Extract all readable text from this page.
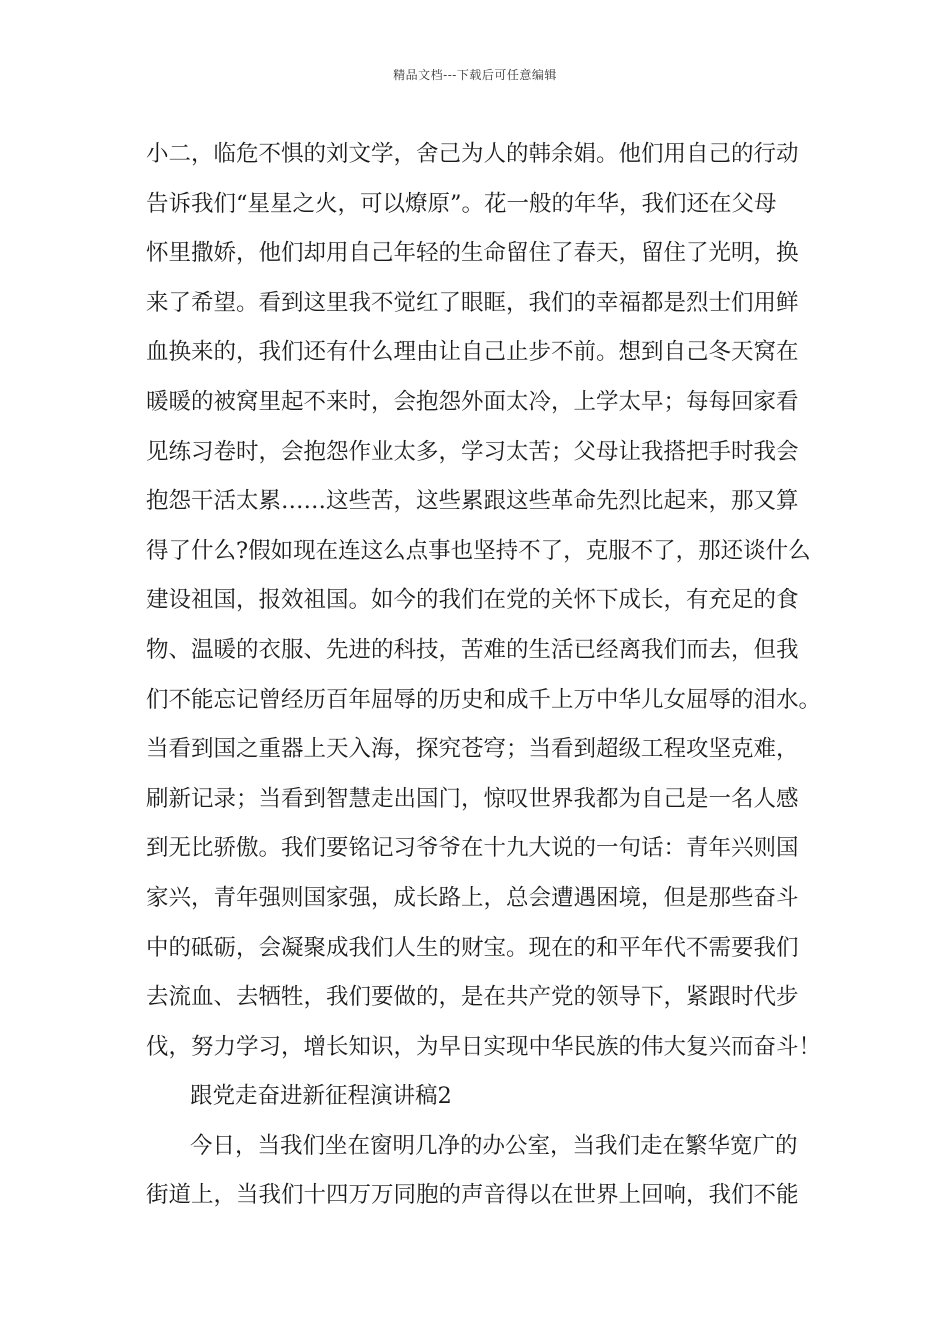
精品文档---下载后可任意编辑
小二，临危不惧的刘文学，舍己为人的韩余娟。他们用自己的行动
告诉我们“星星之火，可以燎原”。花一般的年华，我们还在父母
怀里撒娇，他们却用自己年轻的生命留住了春天，留住了光明，换
来了希望。看到这里我不觉红了眼眶，我们的幸福都是烈士们用鲜
血换来的，我们还有什么理由让自己止步不前。想到自己冬天窝在
暖暖的被窝里起不来时，会抱怨外面太冷，上学太早；每每回家看
见练习卷时，会抱怨作业太多，学习太苦；父母让我搭把手时我会
抱怨干活太累……这些苦，这些累跟这些革命先烈比起来，那又算
得了什么?假如现在连这么点事也坚持不了，克服不了，那还谈什么
建设祖国，报效祖国。如今的我们在党的关怀下成长，有充足的食
物、温暖的衣服、先进的科技，苦难的生活已经离我们而去，但我
们不能忘记曾经历百年屈辱的历史和成千上万中华儿女屈辱的泪水。
当看到国之重器上天入海，探究苍穹；当看到超级工程攻坚克难，
刷新记录；当看到智慧走出国门，惊叹世界我都为自己是一名人感
到无比骄傲。我们要铭记习爷爷在十九大说的一句话：青年兴则国
家兴，青年强则国家强，成长路上，总会遭遇困境，但是那些奋斗
中的砥砺，会凝聚成我们人生的财宝。现在的和平年代不需要我们
去流血、去牺牲，我们要做的，是在共产党的领导下，紧跟时代步
伐，努力学习，增长知识，为早日实现中华民族的伟大复兴而奋斗！
跟党走奋进新征程演讲稿2
今日，当我们坐在窗明几净的办公室，当我们走在繁华宽广的
街道上，当我们十四万万同胞的声音得以在世界上回响，我们不能
